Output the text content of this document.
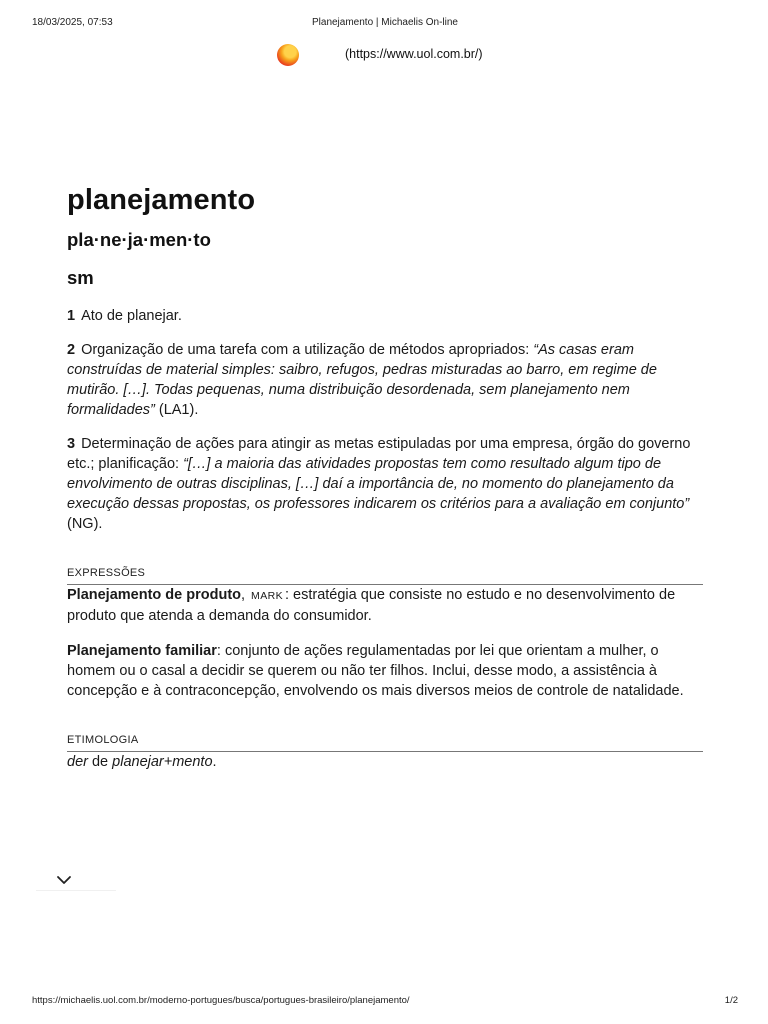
18/03/2025, 07:53	Planejamento | Michaelis On-line
(https://www.uol.com.br/)
planejamento
pla·ne·ja·men·to
sm

1 Ato de planejar.

2 Organização de uma tarefa com a utilização de métodos apropriados: “As casas eram construídas de material simples: saibro, refugos, pedras misturadas ao barro, em regime de mutirão. […]. Todas pequenas, numa distribuição desordenada, sem planejamento nem formalidades” (LA1).

3 Determinação de ações para atingir as metas estipuladas por uma empresa, órgão do governo etc.; planificação: “[…] a maioria das atividades propostas tem como resultado algum tipo de envolvimento de outras disciplinas, […] daí a importância de, no momento do planejamento da execução dessas propostas, os professores indicarem os critérios para a avaliação em conjunto” (NG).

EXPRESSÕES

Planejamento de produto, MARK : estratégia que consiste no estudo e no desenvolvimento de produto que atenda a demanda do consumidor.

Planejamento familiar: conjunto de ações regulamentadas por lei que orientam a mulher, o homem ou o casal a decidir se querem ou não ter filhos. Inclui, desse modo, a assistência à concepção e à contraconcepção, envolvendo os mais diversos meios de controle de natalidade.

ETIMOLOGIA

der de planejar+mento.

https://michaelis.uol.com.br/moderno-portugues/busca/portugues-brasileiro/planejamento/	1/2
